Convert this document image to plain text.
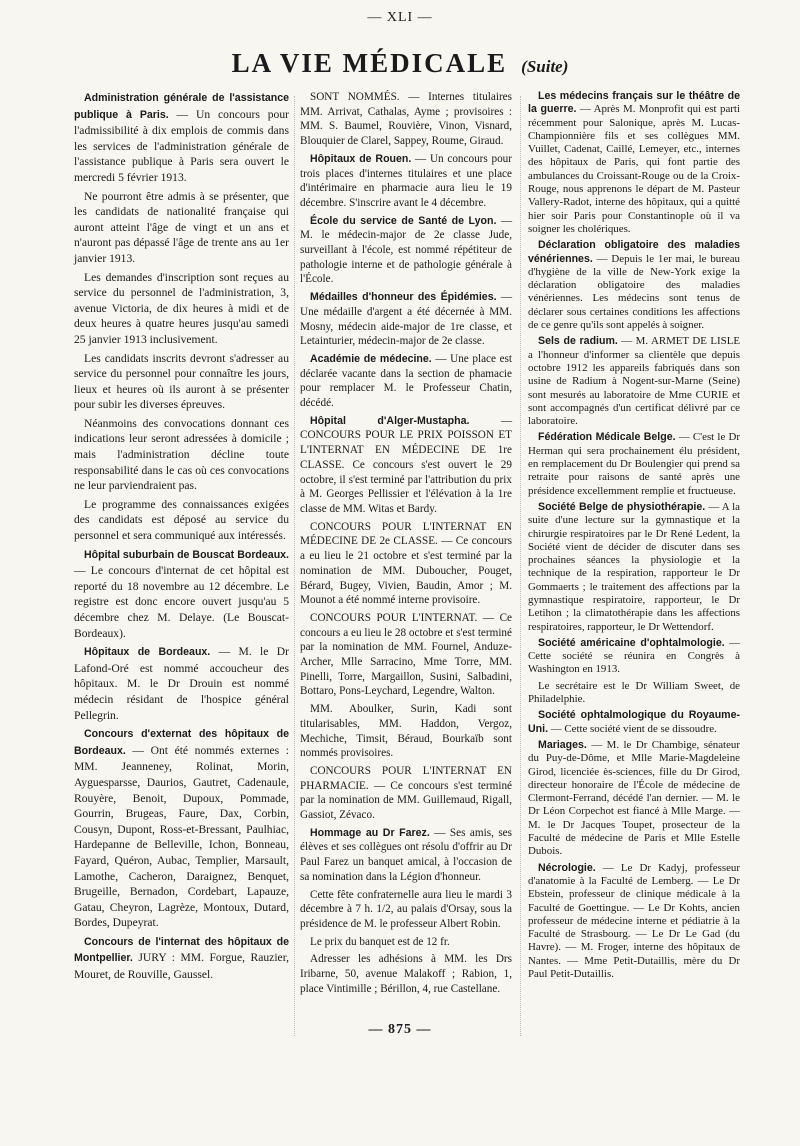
— XLI —
LA VIE MÉDICALE (Suite)

Administration générale de l'assistance publique à Paris. — Un concours pour l'admissibilité à dix emplois de commis dans les services de l'administration générale de l'assistance publique à Paris sera ouvert le mercredi 5 février 1913.

Ne pourront être admis à se présenter, que les candidats de nationalité française qui auront atteint l'âge de vingt et un ans et n'auront pas dépassé l'âge de trente ans au 1er janvier 1913.

Les demandes d'inscription sont reçues au service du personnel de l'administration, 3, avenue Victoria, de dix heures à midi et de deux heures à quatre heures jusqu'au samedi 25 janvier 1913 inclusivement.

Les candidats inscrits devront s'adresser au service du personnel pour connaître les jours, lieux et heures où ils auront à se présenter pour subir les diverses épreuves.

Néanmoins des convocations donnant ces indications leur seront adressées à domicile ; mais l'administration décline toute responsabilité dans le cas où ces convocations ne leur parviendraient pas.

Le programme des connaissances exigées des candidats est déposé au service du personnel et sera communiqué aux intéressés.

Hôpital suburbain de Bouscat Bordeaux. — Le concours d'internat de cet hôpital est reporté du 18 novembre au 12 décembre. Le registre est donc encore ouvert jusqu'au 5 décembre chez M. Delaye. (Le Bouscat-Bordeaux).

Hôpitaux de Bordeaux. — M. le Dr Lafond-Oré est nommé accoucheur des hôpitaux. M. le Dr Drouin est nommé médecin résidant de l'hospice général Pellegrin.

Concours d'externat des hôpitaux de Bordeaux. — Ont été nommés externes : MM. Jeanneney, Rolinat, Morin, Ayguesparsse, Daurios, Gautret, Cadenaule, Rouyère, Benoit, Dupoux, Pommade, Gourrin, Brugeas, Faure, Dax, Corbin, Cousyn, Dupont, Ross-et-Bressant, Paulhiac, Hardepanne de Belleville, Ichon, Bonneau, Fayard, Quéron, Aubac, Templier, Marsault, Lamothe, Cacheron, Daraignez, Benquet, Brugeille, Bernadon, Cordebart, Lapauze, Gatau, Cheyron, Lagrèze, Montoux, Dutard, Bordes, Dupeyrat.

Concours de l'internat des hôpitaux de Montpellier. JURY : MM. Forgue, Rauzier, Mouret, de Rouville, Gaussel.

SONT NOMMÉS. — Internes titulaires MM. Arrivat, Cathalas, Ayme ; provisoires : MM. S. Baumel, Rouvière, Vinon, Visnard, Blouquier de Clarel, Sappey, Roume, Giraud.

Hôpitaux de Rouen. — Un concours pour trois places d'internes titulaires et une place d'intérimaire en pharmacie aura lieu le 19 décembre. S'inscrire avant le 4 décembre.

École du service de Santé de Lyon. — M. le médecin-major de 2e classe Jude, surveillant à l'école, est nommé répétiteur de pathologie interne et de pathologie générale à l'École.

Médailles d'honneur des Épidémies. — Une médaille d'argent a été décernée à MM. Mosny, médecin aide-major de 1re classe, et Letainturier, médecin-major de 2e classe.

Académie de médecine. — Une place est déclarée vacante dans la section de phamacie pour remplacer M. le Professeur Chatin, décédé.

Hôpital d'Alger-Mustapha. — CONCOURS POUR LE PRIX POISSON ET L'INTERNAT EN MÉDECINE DE 1re CLASSE. Ce concours s'est ouvert le 29 octobre, il s'est terminé par l'attribution du prix à M. Georges Pellissier et l'élévation à la 1re classe de MM. Witas et Bardy.

CONCOURS POUR L'INTERNAT EN MÉDECINE DE 2e CLASSE. — Ce concours a eu lieu le 21 octobre et s'est terminé par la nomination de MM. Duboucher, Pouget, Bérard, Bugey, Vivien, Baudin, Amor ; M. Mounot a été nommé interne provisoire.

CONCOURS POUR L'INTERNAT. — Ce concours a eu lieu le 28 octobre et s'est terminé par la nomination de MM. Fournel, Anduze-Archer, Mlle Sarracino, Mme Torre, MM. Pinelli, Torre, Margaillon, Susini, Salbadini, Bottaro, Pons-Leychard, Legendre, Walton.

MM. Aboulker, Surin, Kadi sont titularisables, MM. Haddon, Vergoz, Mechiche, Timsit, Béraud, Bourkaïb sont nommés provisoires.

CONCOURS POUR L'INTERNAT EN PHARMACIE. — Ce concours s'est terminé par la nomination de MM. Guillemaud, Rigall, Gassiot, Zévaco.

Hommage au Dr Farez. — Ses amis, ses élèves et ses collègues ont résolu d'offrir au Dr Paul Farez un banquet amical, à l'occasion de sa nomination dans la Légion d'honneur.

Cette fête confraternelle aura lieu le mardi 3 décembre à 7 h. 1/2, au palais d'Orsay, sous la présidence de M. le professeur Albert Robin.

Le prix du banquet est de 12 fr.

Adresser les adhésions à MM. les Drs Iribarne, 50, avenue Malakoff ; Rabion, 1, place Vintimille ; Bérillon, 4, rue Castellane.

Les médecins français sur le théâtre de la guerre. — Après M. Monprofit qui est parti récemment pour Salonique, après M. Lucas-Championnière fils et ses collègues MM. Vuillet, Cadenat, Caillé, Lemeyer, etc., internes des hôpitaux de Paris, qui font partie des ambulances du Croissant-Rouge ou de la Croix-Rouge, nous apprenons le départ de M. Pasteur Vallery-Radot, interne des hôpitaux, qui a quitté hier soir Paris pour Constantinople où il va soigner les cholériques.

Déclaration obligatoire des maladies vénériennes. — Depuis le 1er mai, le bureau d'hygiène de la ville de New-York exige la déclaration obligatoire des maladies vénériennes. Les médecins sont tenus de déclarer sous certaines conditions les affections de ce genre qu'ils sont appelés à soigner.

Sels de radium. — M. ARMET DE LISLE a l'honneur d'informer sa clientèle que depuis octobre 1912 les appareils fabriqués dans son usine de Radium à Nogent-sur-Marne (Seine) sont mesurés au laboratoire de Mme CURIE et sont accompagnés d'un certificat délivré par ce laboratoire.

Fédération Médicale Belge. — C'est le Dr Herman qui sera prochainement élu président, en remplacement du Dr Boulengier qui prend sa retraite pour raisons de santé après une présidence excellemment remplie et fructueuse.

Société Belge de physiothérapie. — A la suite d'une lecture sur la gymnastique et la chirurgie respiratoires par le Dr René Ledent, la Société vient de décider de discuter dans ses prochaines séances la physiologie et la technique de la respiration, rapporteur le Dr Gommaerts ; le traitement des affections par la gymnastique respiratoire, rapporteur, le Dr Letihon ; la climatothérapie dans les affections respiratoires, rapporteur, le Dr Wettendorf.

Société américaine d'ophtalmologie. — Cette société se réunira en Congrès à Washington en 1913.

Le secrétaire est le Dr William Sweet, de Philadelphie.

Société ophtalmologique du Royaume-Uni. — Cette société vient de se dissoudre.

Mariages. — M. le Dr Chambige, sénateur du Puy-de-Dôme, et Mlle Marie-Magdeleine Girod, licenciée ès-sciences, fille du Dr Girod, directeur honoraire de l'École de médecine de Clermont-Ferrand, décédé l'an dernier. — M. le Dr Léon Corpechot est fiancé à Mlle Marge. — M. le Dr Jacques Toupet, prosecteur de la Faculté de médecine de Paris et Mlle Estelle Dubois.

Nécrologie. — Le Dr Kadyj, professeur d'anatomie à la Faculté de Lemberg. — Le Dr Ebstein, professeur de clinique médicale à la Faculté de Goettingue. — Le Dr Kohts, ancien professeur de médecine interne et pédiatrie à la Faculté de Strasbourg. — Le Dr Le Gad (du Havre). — M. Froger, interne des hôpitaux de Nantes. — Mme Petit-Dutaillis, mère du Dr Paul Petit-Dutaillis.

— 875 —
